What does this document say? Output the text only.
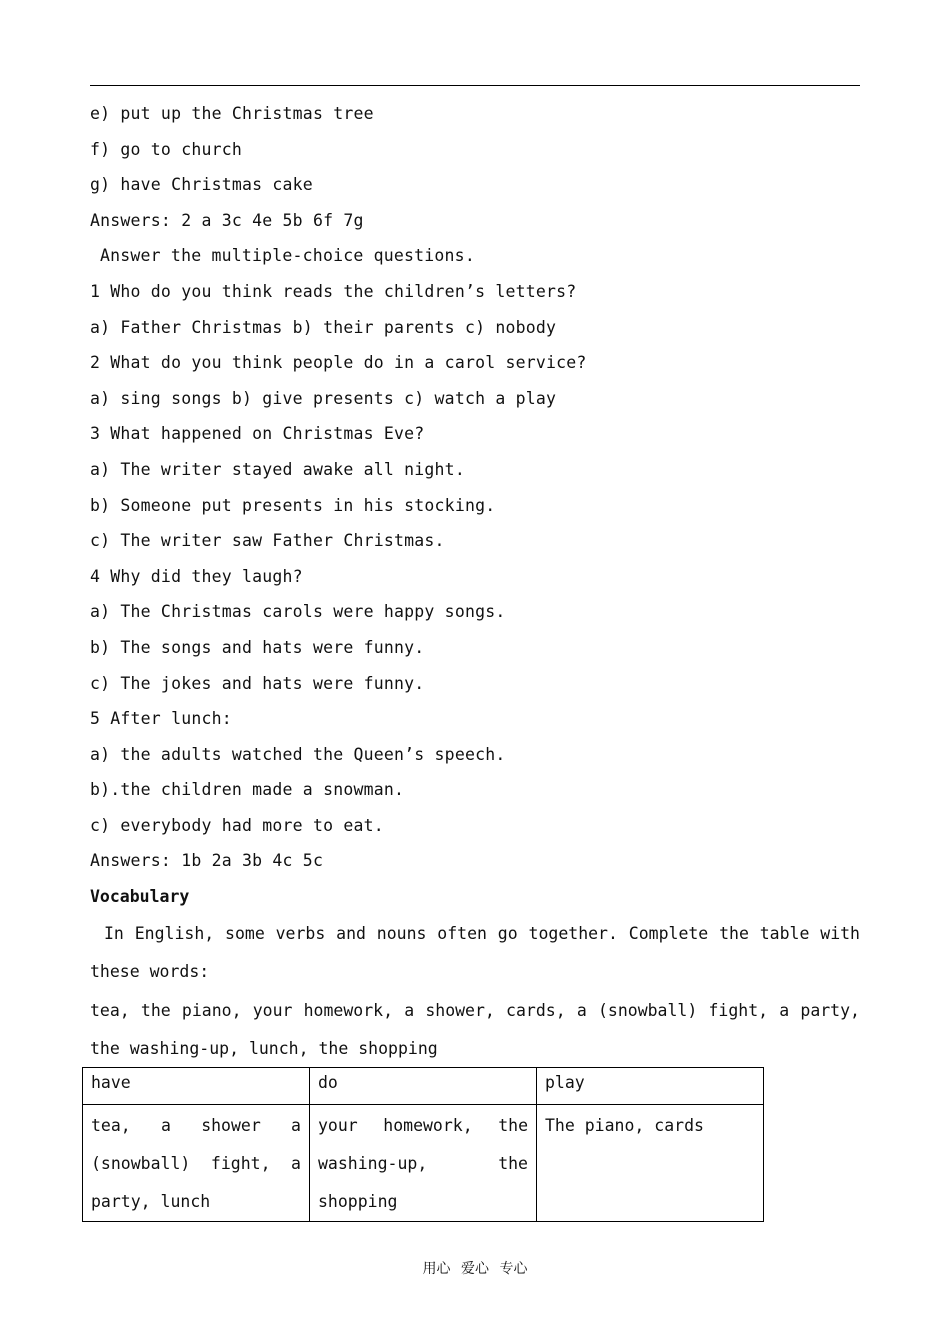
e) put up the Christmas tree
f) go to church
g) have Christmas cake
Answers: 2 a 3c 4e 5b 6f 7g
Answer the multiple-choice questions.
1 Who do you think reads the children’s letters?
a) Father Christmas b) their parents c) nobody
2 What do you think people do in a carol service?
a) sing songs b) give presents c) watch a play
3 What happened on Christmas Eve?
a) The writer stayed awake all night.
b) Someone put presents in his stocking.
c) The writer saw Father Christmas.
4 Why did they laugh?
a) The Christmas carols were happy songs.
b) The songs and hats were funny.
c) The jokes and hats were funny.
5 After lunch:
a) the adults watched the Queen’s speech.
b).the children made a snowman.
c) everybody had more to eat.
Answers: 1b 2a 3b 4c 5c
Vocabulary
In English, some verbs and nouns often go together. Complete the table with these words:
tea, the piano, your homework, a shower, cards, a (snowball) fight, a party, the washing-up, lunch, the shopping
have	do	play
tea, a shower a (snowball) fight, a party, lunch	your homework, the washing-up, the shopping	The piano, cards
用心 爱心 专心
